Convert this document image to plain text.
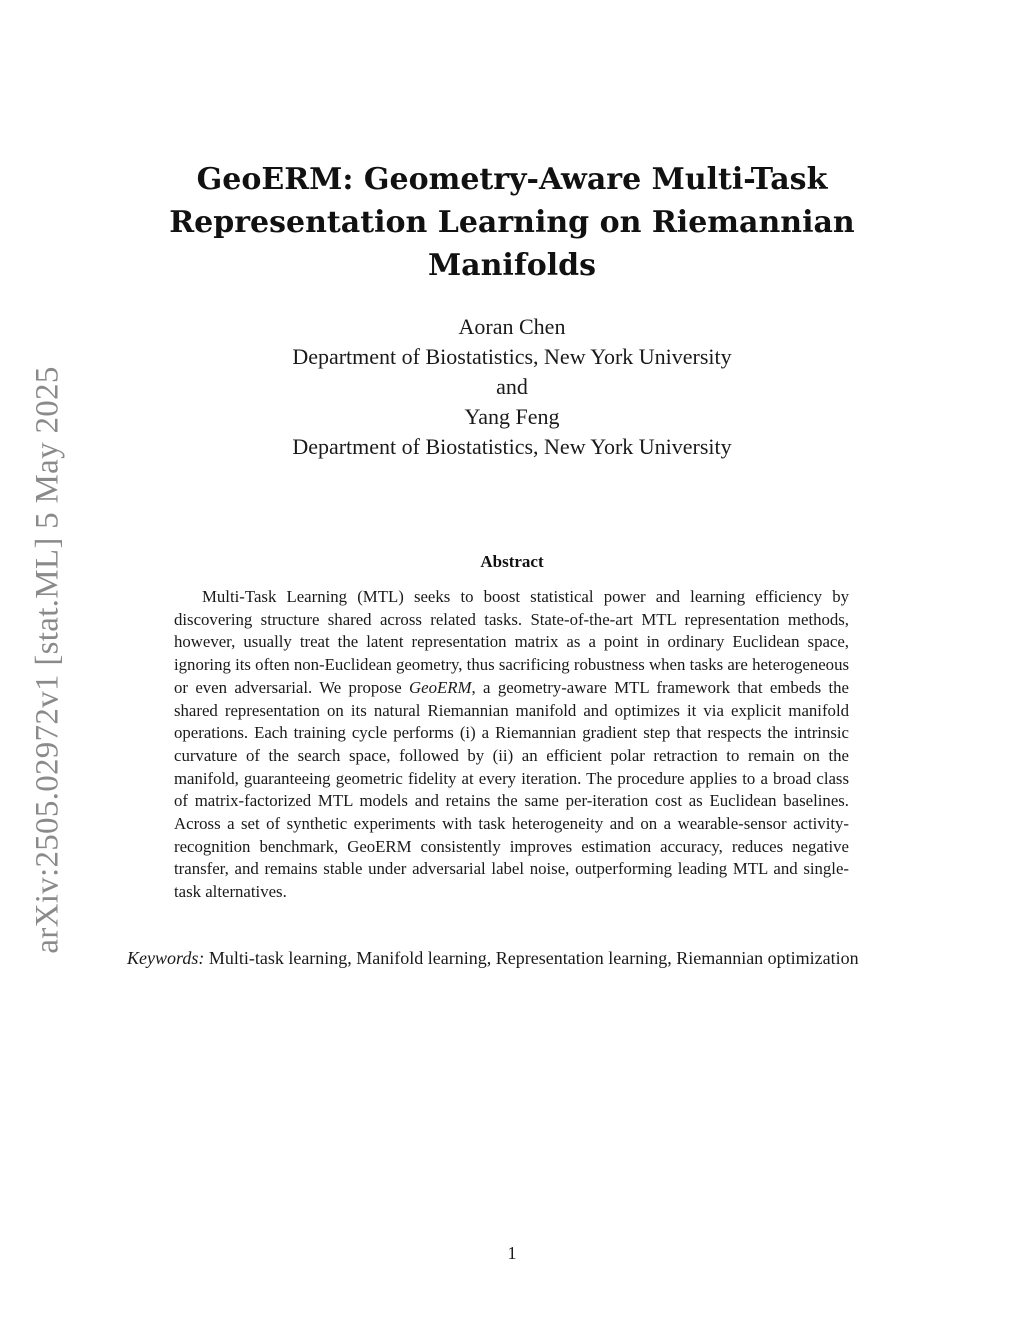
arXiv:2505.02972v1 [stat.ML] 5 May 2025
GeoERM: Geometry-Aware Multi-Task Representation Learning on Riemannian Manifolds
Aoran Chen
Department of Biostatistics, New York University
and
Yang Feng
Department of Biostatistics, New York University
Abstract

Multi-Task Learning (MTL) seeks to boost statistical power and learning efficiency by discovering structure shared across related tasks. State-of-the-art MTL representation methods, however, usually treat the latent representation matrix as a point in ordinary Euclidean space, ignoring its often non-Euclidean geometry, thus sacrificing robustness when tasks are heterogeneous or even adversarial. We propose GeoERM, a geometry-aware MTL framework that embeds the shared representation on its natural Riemannian manifold and optimizes it via explicit manifold operations. Each training cycle performs (i) a Riemannian gradient step that respects the intrinsic curvature of the search space, followed by (ii) an efficient polar retraction to remain on the manifold, guaranteeing geometric fidelity at every iteration. The procedure applies to a broad class of matrix-factorized MTL models and retains the same per-iteration cost as Euclidean baselines. Across a set of synthetic experiments with task heterogeneity and on a wearable-sensor activity-recognition benchmark, GeoERM consistently improves estimation accuracy, reduces negative transfer, and remains stable under adversarial label noise, outperforming leading MTL and single-task alternatives.

Keywords: Multi-task learning, Manifold learning, Representation learning, Riemannian optimization

1
